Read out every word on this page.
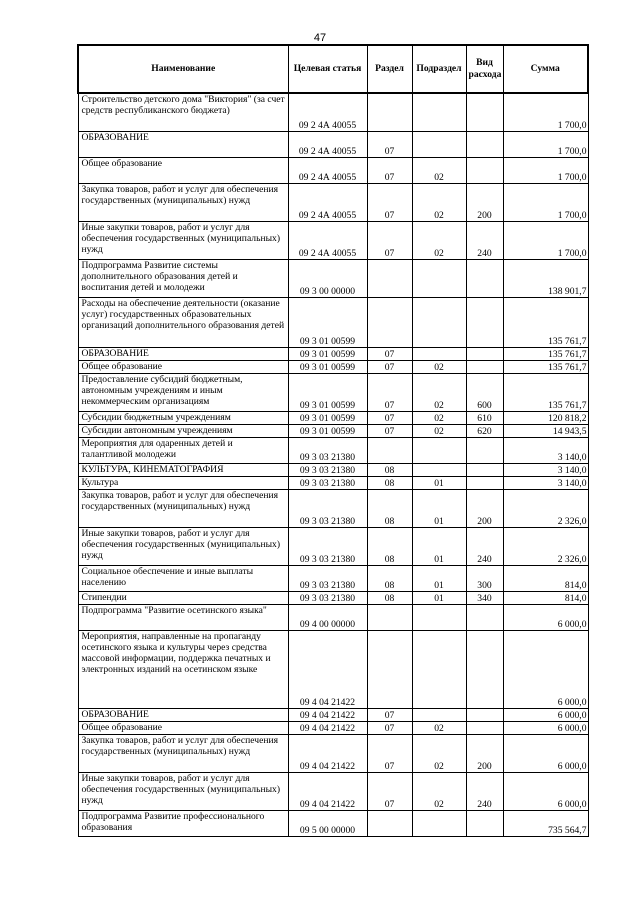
47
Наименование	Целевая статья	Раздел	Подраздел	Вид расхода	Сумма
Строительство детского дома "Виктория" (за счет средств республиканского бюджета)	09 2 4А 40055				1 700,0
ОБРАЗОВАНИЕ	09 2 4А 40055	07			1 700,0
Общее образование	09 2 4А 40055	07	02		1 700,0
Закупка товаров, работ и услуг для обеспечения государственных (муниципальных) нужд	09 2 4А 40055	07	02	200	1 700,0
Иные закупки товаров, работ и услуг для обеспечения государственных (муниципальных) нужд	09 2 4А 40055	07	02	240	1 700,0
Подпрограмма Развитие системы дополнительного образования детей и воспитания детей и молодежи	09 3 00 00000				138 901,7
Расходы на обеспечение деятельности (оказание услуг) государственных образовательных организаций дополнительного образования детей	09 3 01 00599				135 761,7
ОБРАЗОВАНИЕ	09 3 01 00599	07			135 761,7
Общее образование	09 3 01 00599	07	02		135 761,7
Предоставление субсидий бюджетным, автономным учреждениям и иным некоммерческим организациям	09 3 01 00599	07	02	600	135 761,7
Субсидии бюджетным учреждениям	09 3 01 00599	07	02	610	120 818,2
Субсидии автономным учреждениям	09 3 01 00599	07	02	620	14 943,5
Мероприятия для одаренных детей и талантливой молодежи	09 3 03 21380				3 140,0
КУЛЬТУРА, КИНЕМАТОГРАФИЯ	09 3 03 21380	08			3 140,0
Культура	09 3 03 21380	08	01		3 140,0
Закупка товаров, работ и услуг для обеспечения государственных (муниципальных) нужд	09 3 03 21380	08	01	200	2 326,0
Иные закупки товаров, работ и услуг для обеспечения государственных (муниципальных) нужд	09 3 03 21380	08	01	240	2 326,0
Социальное обеспечение и иные выплаты населению	09 3 03 21380	08	01	300	814,0
Стипендии	09 3 03 21380	08	01	340	814,0
Подпрограмма "Развитие осетинского языка"	09 4 00 00000				6 000,0
Мероприятия, направленные на пропаганду осетинского языка и культуры через средства массовой информации, поддержка печатных и электронных изданий на осетинском языке	09 4 04 21422				6 000,0
ОБРАЗОВАНИЕ	09 4 04 21422	07			6 000,0
Общее образование	09 4 04 21422	07	02		6 000,0
Закупка товаров, работ и услуг для обеспечения государственных (муниципальных) нужд	09 4 04 21422	07	02	200	6 000,0
Иные закупки товаров, работ и услуг для обеспечения государственных (муниципальных) нужд	09 4 04 21422	07	02	240	6 000,0
Подпрограмма Развитие профессионального образования	09 5 00 00000				735 564,7
